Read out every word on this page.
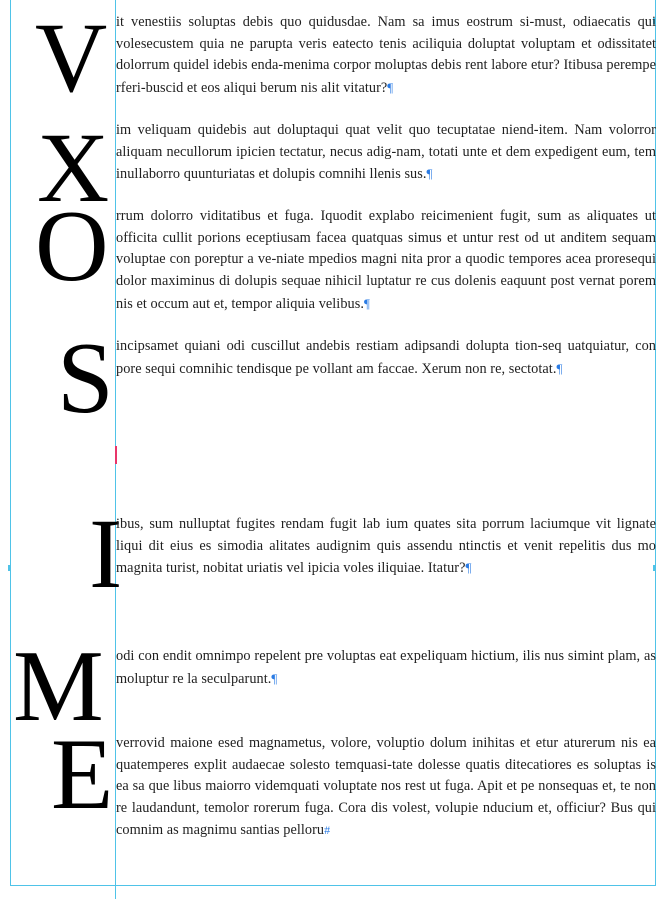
V
X
O
S
I
M
E

it venestiis soluptas debis quo quidusdae. Nam sa imus eostrum si-must, odiaecatis qui volesecustem quia ne parupta veris eatecto tenis aciliquia doluptat voluptam et odissitatet dolorrum quidel idebis enda-menima corpor moluptas debis rent labore etur? Itibusa perempe rferi-buscid et eos aliqui berum nis alit vitatur?¶

im veliquam quidebis aut doluptaqui quat velit quo tecuptatae niend-item. Nam volorror aliquam necullorum ipicien tectatur, necus adig-nam, totati unte et dem expedigent eum, tem inullaborro quunturiatas et dolupis comnihi llenis sus.¶

rrum dolorro viditatibus et fuga. Iquodit explabo reicimenient fugit, sum as aliquates ut officita cullit porions eceptiusam facea quatquas simus et untur rest od ut anditem sequam voluptae con poreptur a ve-niate mpedios magni nita pror a quodic tempores acea proresequi dolor maximinus di dolupis sequae nihicil luptatur re cus dolenis eaquunt post vernat porem nis et occum aut et, tempor aliquia velibus.¶

incipsamet quiani odi cuscillut andebis restiam adipsandi dolupta tion-seq uatquiatur, con pore sequi comnihic tendisque pe vollant am faccae. Xerum non re, sectotat.¶

ibus, sum nulluptat fugites rendam fugit lab ium quates sita porrum laciumque vit lignate liqui dit eius es simodia alitates audignim quis assendu ntinctis et venit repelitis dus mo magnita turist, nobitat uriatis vel ipicia voles iliquiae. Itatur?¶

odi con endit omnimpo repelent pre voluptas eat expeliquam hictium, ilis nus simint plam, as moluptur re la seculparunt.¶

verrovid maione esed magnametus, volore, voluptio dolum inihitas et etur aturerum nis ea quatemperes explit audaecae solesto temquasi-tate dolesse quatis ditecatiores es soluptas is ea sa que libus maiorro videmquati voluptate nos rest ut fuga. Apit et pe nonsequas et, te non re laudandunt, temolor rorerum fuga. Cora dis volest, volupie nducium et, officiur? Bus qui comnim as magnimu santias pelloru#
